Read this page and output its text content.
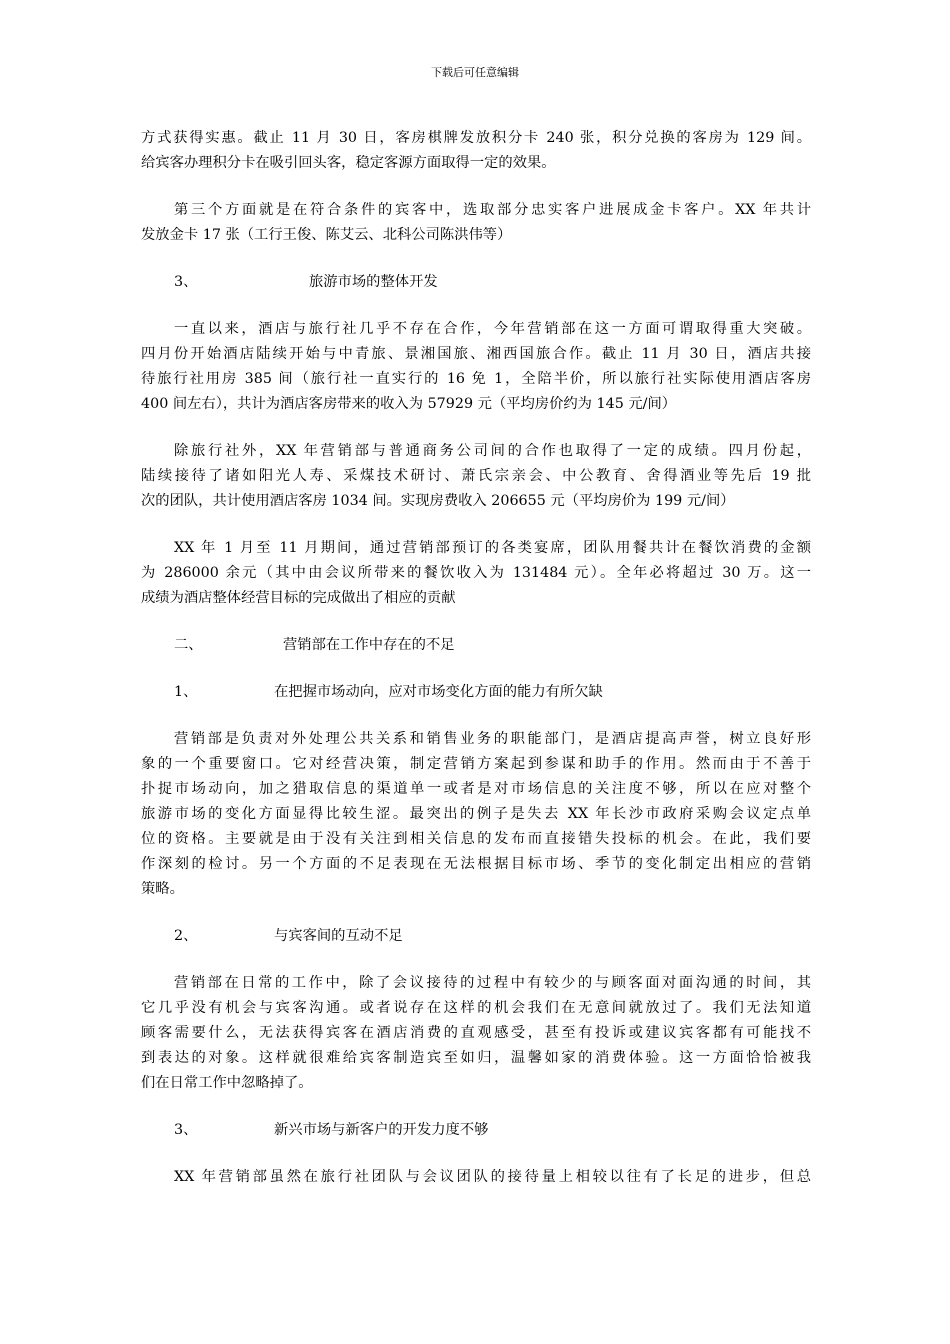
下载后可任意编辑
方式获得实惠。截止 11 月 30 日，客房棋牌发放积分卡 240 张，积分兑换的客房为 129 间。
给宾客办理积分卡在吸引回头客，稳定客源方面取得一定的效果。
第三个方面就是在符合条件的宾客中，选取部分忠实客户进展成金卡客户。XX 年共计
发放金卡 17 张（工行王俊、陈艾云、北科公司陈洪伟等）
3、	旅游市场的整体开发
一直以来，酒店与旅行社几乎不存在合作，今年营销部在这一方面可谓取得重大突破。
四月份开始酒店陆续开始与中青旅、景湘国旅、湘西国旅合作。截止 11 月 30 日，酒店共接
待旅行社用房 385 间（旅行社一直实行的 16 免 1，全陪半价，所以旅行社实际使用酒店客房
400 间左右），共计为酒店客房带来的收入为 57929 元（平均房价约为 145 元/间）
除旅行社外，XX 年营销部与普通商务公司间的合作也取得了一定的成绩。四月份起，
陆续接待了诸如阳光人寿、采煤技术研讨、萧氏宗亲会、中公教育、舍得酒业等先后 19 批
次的团队，共计使用酒店客房 1034 间。实现房费收入 206655 元（平均房价为 199 元/间）
XX 年 1 月至 11 月期间，通过营销部预订的各类宴席，团队用餐共计在餐饮消费的金额
为 286000 余元（其中由会议所带来的餐饮收入为 131484 元）。全年必将超过 30 万。这一
成绩为酒店整体经营目标的完成做出了相应的贡献
二、	营销部在工作中存在的不足
1、	在把握市场动向，应对市场变化方面的能力有所欠缺
营销部是负责对外处理公共关系和销售业务的职能部门，是酒店提高声誉，树立良好形
象的一个重要窗口。它对经营决策，制定营销方案起到参谋和助手的作用。然而由于不善于
扑捉市场动向，加之猎取信息的渠道单一或者是对市场信息的关注度不够，所以在应对整个
旅游市场的变化方面显得比较生涩。最突出的例子是失去 XX 年长沙市政府采购会议定点单
位的资格。主要就是由于没有关注到相关信息的发布而直接错失投标的机会。在此，我们要
作深刻的检讨。另一个方面的不足表现在无法根据目标市场、季节的变化制定出相应的营销
策略。
2、	与宾客间的互动不足
营销部在日常的工作中，除了会议接待的过程中有较少的与顾客面对面沟通的时间，其
它几乎没有机会与宾客沟通。或者说存在这样的机会我们在无意间就放过了。我们无法知道
顾客需要什么，无法获得宾客在酒店消费的直观感受，甚至有投诉或建议宾客都有可能找不
到表达的对象。这样就很难给宾客制造宾至如归，温馨如家的消费体验。这一方面恰恰被我
们在日常工作中忽略掉了。
3、	新兴市场与新客户的开发力度不够
XX 年营销部虽然在旅行社团队与会议团队的接待量上相较以往有了长足的进步，但总
